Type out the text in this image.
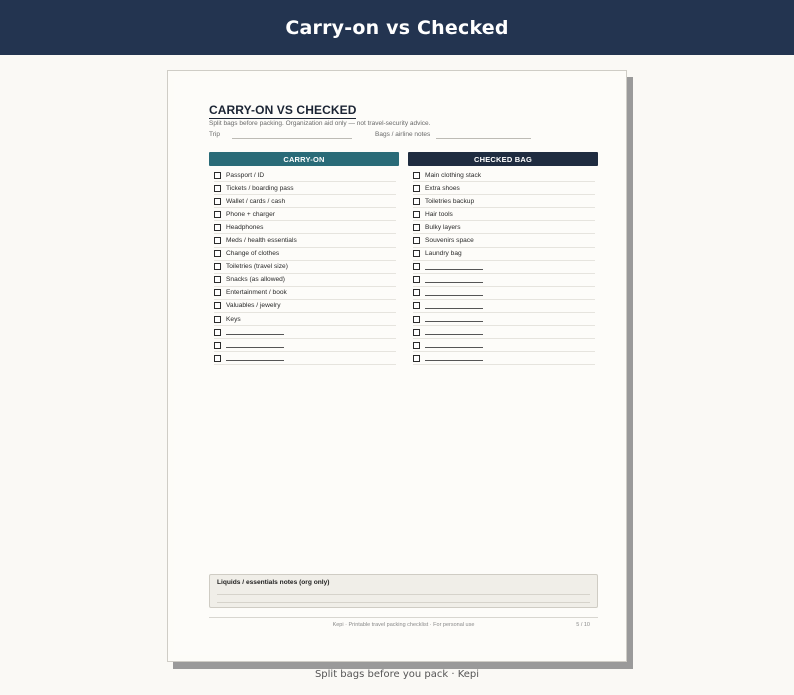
Carry-on vs Checked
CARRY-ON VS CHECKED
Split bags before packing. Organization aid only — not travel-security advice.
Trip	Bags / airline notes
CARRY-ON	CHECKED BAG
Passport / ID
Tickets / boarding pass
Wallet / cards / cash
Phone + charger
Headphones
Meds / health essentials
Change of clothes
Toiletries (travel size)
Snacks (as allowed)
Entertainment / book
Valuables / jewelry
Keys
Main clothing stack
Extra shoes
Toiletries backup
Hair tools
Bulky layers
Souvenirs space
Laundry bag
Liquids / essentials notes (org only)
Kepi · Printable travel packing checklist · For personal use	5 / 10
Split bags before you pack · Kepi
